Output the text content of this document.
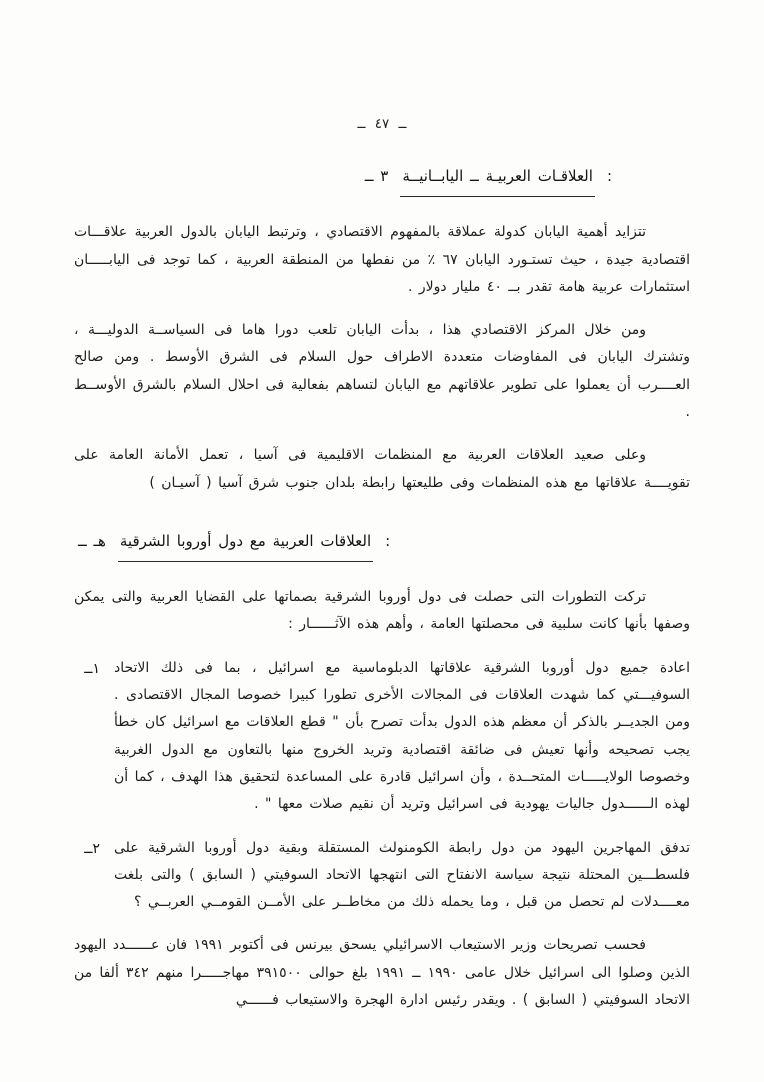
ــ ٤٧ ــ
٣ ــ العلاقـات العربيـة ــ اليابــانيــة :

تتزايد أهمية اليابان كدولة عملاقة بالمفهوم الاقتصادي ، وترتبط اليابان بالدول العربية علاقـــات اقتصادية جيدة ، حيث تستـورد اليابان ٦٧ ٪ من نفطها من المنطقة العربية ، كما توجد فى اليابـــــان استثمارات عربية هامة تقدر بــ ٤٠ مليار دولار .

ومن خلال المركز الاقتصادي هذا ، بدأت اليابان تلعب دورا هاما فى السياســة الدوليـــة ، وتشترك اليابان فى المفاوضات متعددة الاطراف حول السلام فى الشرق الأوسط . ومن صالح العــــرب أن يعملوا على تطوير علاقاتهم مع اليابان لتساهم بفعالية فى احلال السلام بالشرق الأوســط .

وعلى صعيد العلاقات العربية مع المنظمات الاقليمية فى آسيا ، تعمل الأمانة العامة على تقويــــة علاقاتها مع هذه المنظمات وفى طليعتها رابطة بلدان جنوب شرق آسيا ( آسيـان )

هـ ــ العلاقات العربية مع دول أوروبا الشرقية :

تركت التطورات التى حصلت فى دول أوروبا الشرقية بصماتها على القضايا العربية والتى يمكن وصفها بأنها كانت سلبية فى محصلتها العامة ، وأهم هذه الآثــــــار :

١ــ اعادة جميع دول أوروبا الشرقية علاقاتها الدبلوماسية مع اسرائيل ، بما فى ذلك الاتحاد السوفيـــتي كما شهدت العلاقات فى المجالات الأخرى تطورا كبيرا خصوصا المجال الاقتصادى . ومن الجديــر بالذكر أن معظم هذه الدول بدأت تصرح بأن " قطع العلاقات مع اسرائيل كان خطأ يجب تصحيحه وأنها تعيش فى ضائقة اقتصادية وتريد الخروج منها بالتعاون مع الدول الغربية وخصوصا الولايـــــات المتحــدة ، وأن اسرائيل قادرة على المساعدة لتحقيق هذا الهدف ، كما أن لهذه الــــــدول جاليات يهودية فى اسرائيل وتريد أن نقيم صلات معها " .

٢ــ تدفق المهاجرين اليهود من دول رابطة الكومنولث المستقلة وبقية دول أوروبا الشرقية على فلسطـــين المحتلة نتيجة سياسة الانفتاح التى انتهجها الاتحاد السوفيتي ( السابق ) والتى بلغت معــــدلات لم تحصل من قبل ، وما يحمله ذلك من مخاطــر على الأمــن القومــي العربــي ؟

فحسب تصريحات وزير الاستيعاب الاسرائيلي يسحق بيرنس فى أكتوبر ١٩٩١ فان عــــــدد اليهود الذين وصلوا الى اسرائيل خلال عامى ١٩٩٠ ــ ١٩٩١ بلغ حوالى ٣٩١٥٠٠ مهاجـــــرا منهم ٣٤٢ ألفا من الاتحاد السوفيتي ( السابق ) . ويقدر رئيس ادارة الهجرة والاستيعاب فــــــي
